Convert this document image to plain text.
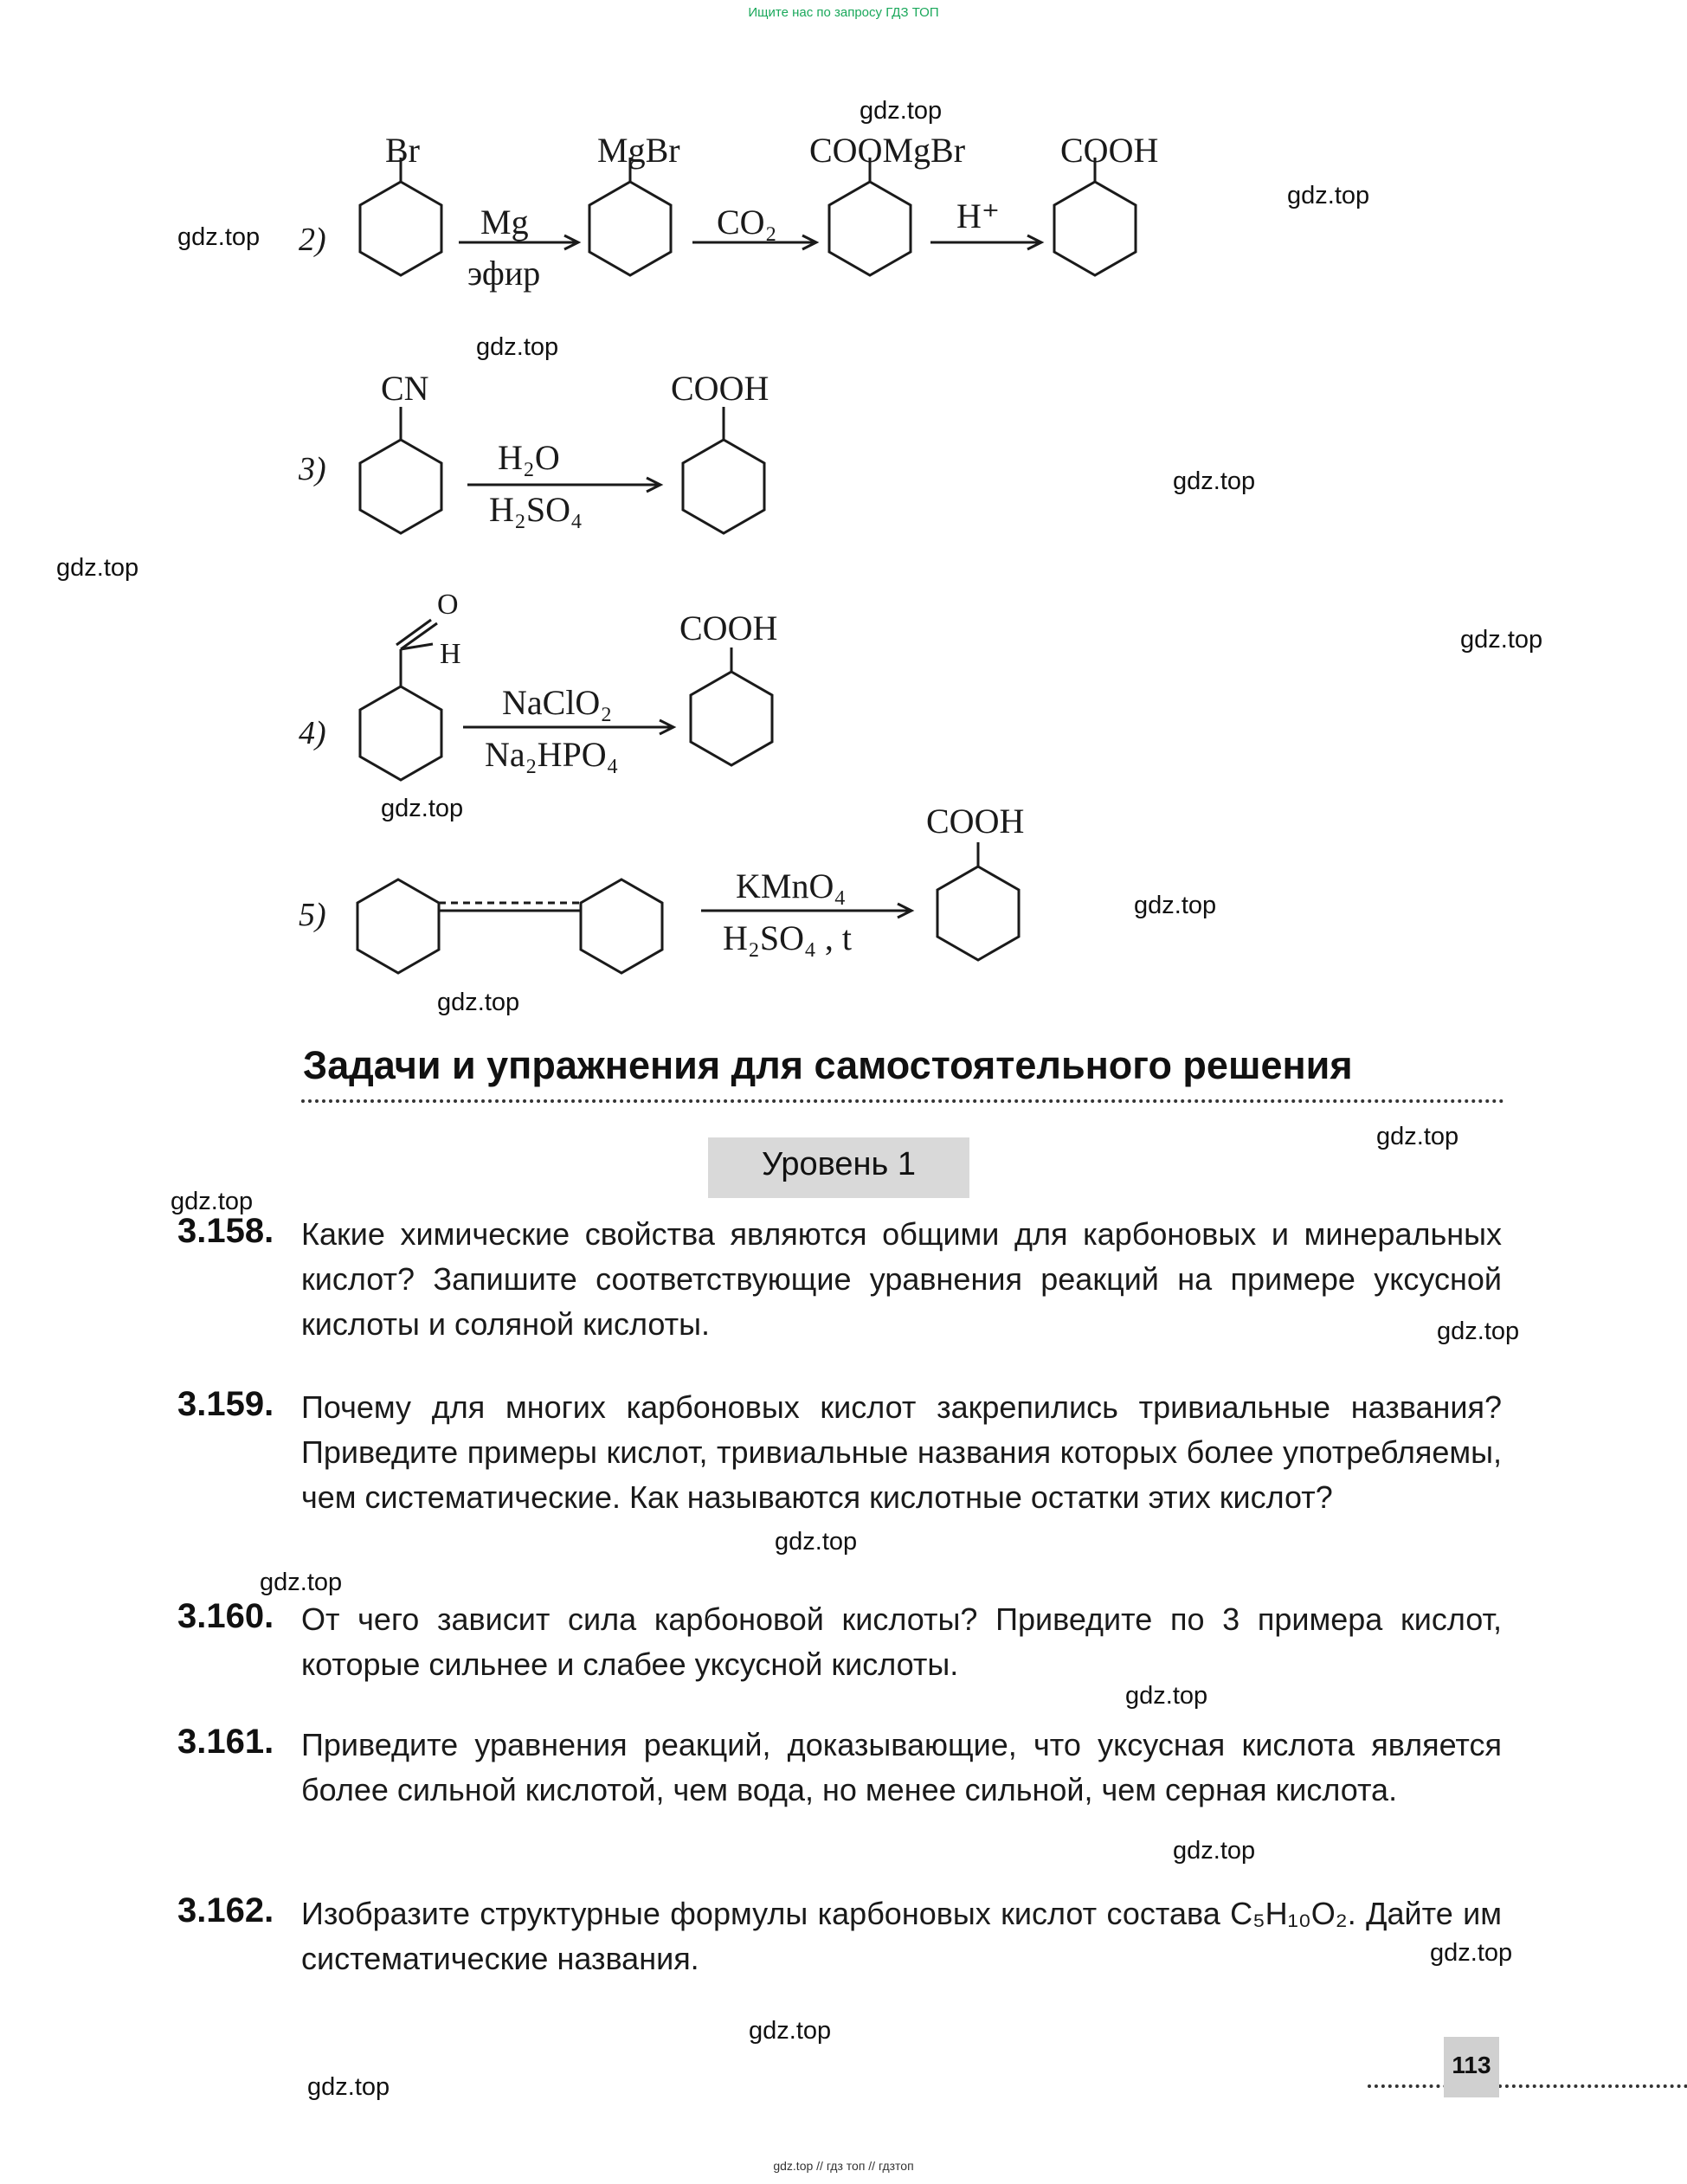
Ищите нас по запросу ГДЗ ТОП
2)
Br
Mg
эфир
MgBr
CO₂
COOMgBr
H⁺
COOH
3)
CN
H₂O
H₂SO₄
COOH
4)
O
H
NaClO₂
Na₂HPO₄
COOH
5)
KMnO₄
H₂SO₄ , t
COOH
Задачи и упражнения для самостоятельного решения
Уровень 1
3.158. Какие химические свойства являются общими для карбоновых и минеральных кислот? Запишите соответствующие уравнения реакций на примере уксусной кислоты и соляной кислоты.
3.159. Почему для многих карбоновых кислот закрепились тривиальные названия? Приведите примеры кислот, тривиальные названия которых более употребляемы, чем систематические. Как называются кислотные остатки этих кислот?
3.160. От чего зависит сила карбоновой кислоты? Приведите по 3 примера кислот, которые сильнее и слабее уксусной кислоты.
3.161. Приведите уравнения реакций, доказывающие, что уксусная кислота является более сильной кислотой, чем вода, но менее сильной, чем серная кислота.
3.162. Изобразите структурные формулы карбоновых кислот состава C₅H₁₀O₂. Дайте им систематические названия.
113
gdz.top
gdz.top
gdz.top
gdz.top
gdz.top
gdz.top
gdz.top
gdz.top
gdz.top
gdz.top
gdz.top
gdz.top
gdz.top
gdz.top
gdz.top
gdz.top
gdz.top
gdz.top
gdz.top
gdz.top
gdz.top // гдз топ // гдзтоп
